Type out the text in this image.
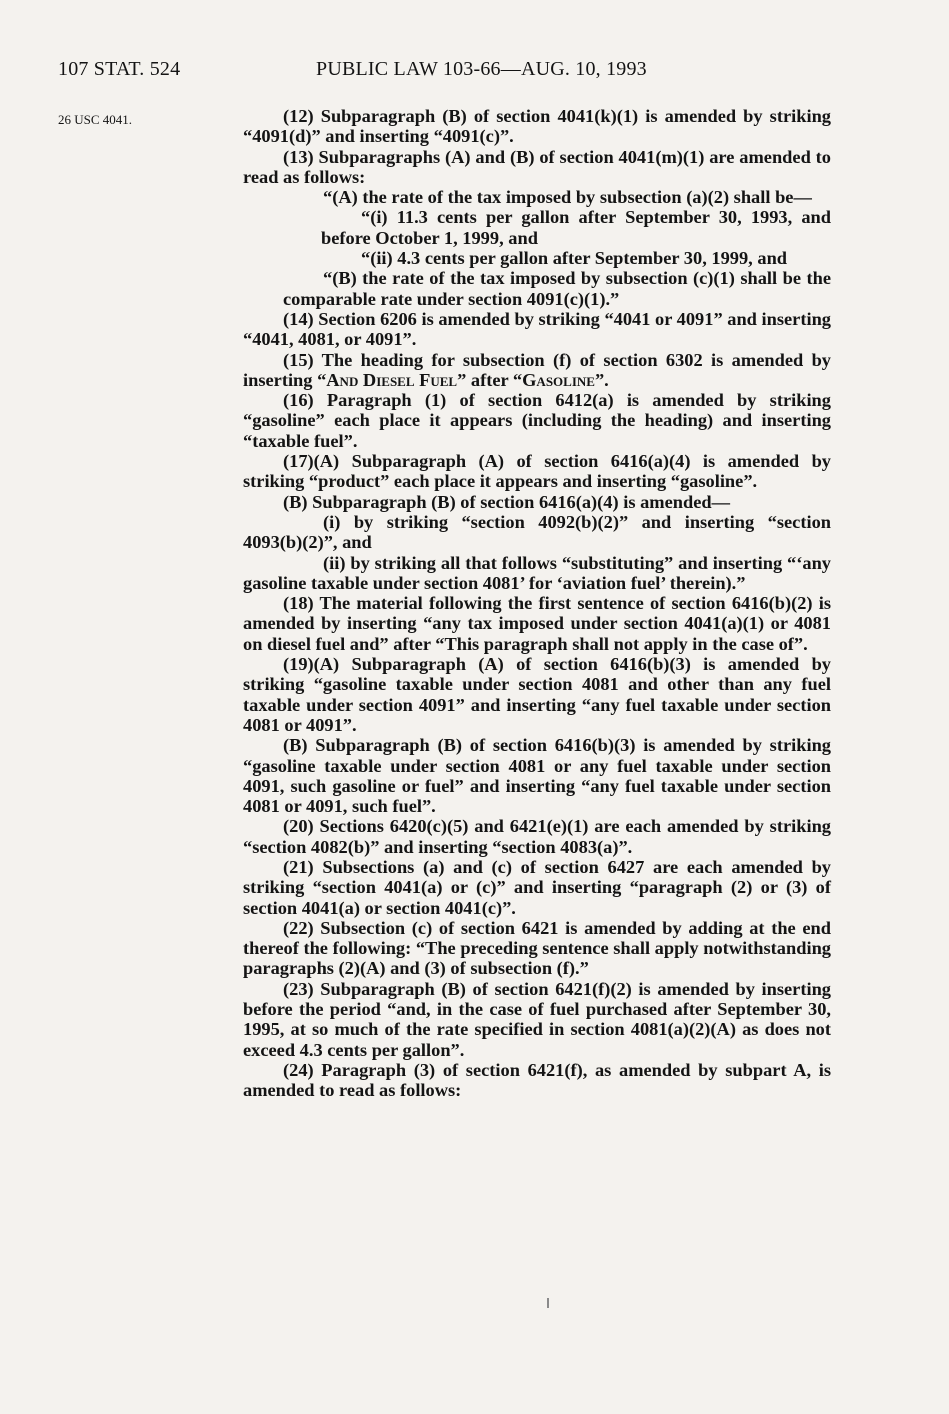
107 STAT. 524	PUBLIC LAW 103-66—AUG. 10, 1993
26 USC 4041.	(12) Subparagraph (B) of section 4041(k)(1) is amended by striking “4091(d)” and inserting “4091(c)”.

(13) Subparagraphs (A) and (B) of section 4041(m)(1) are amended to read as follows:

“(A) the rate of the tax imposed by subsection (a)(2) shall be—

“(i) 11.3 cents per gallon after September 30, 1993, and before October 1, 1999, and

“(ii) 4.3 cents per gallon after September 30, 1999, and

“(B) the rate of the tax imposed by subsection (c)(1) shall be the comparable rate under section 4091(c)(1).”

(14) Section 6206 is amended by striking “4041 or 4091” and inserting “4041, 4081, or 4091”.

(15) The heading for subsection (f) of section 6302 is amended by inserting “And Diesel Fuel” after “Gasoline”.

(16) Paragraph (1) of section 6412(a) is amended by striking “gasoline” each place it appears (including the heading) and inserting “taxable fuel”.

(17)(A) Subparagraph (A) of section 6416(a)(4) is amended by striking “product” each place it appears and inserting “gasoline”.

(B) Subparagraph (B) of section 6416(a)(4) is amended—

(i) by striking “section 4092(b)(2)” and inserting “section 4093(b)(2)”, and

(ii) by striking all that follows “substituting” and inserting “‘any gasoline taxable under section 4081’ for ‘aviation fuel’ therein).”

(18) The material following the first sentence of section 6416(b)(2) is amended by inserting “any tax imposed under section 4041(a)(1) or 4081 on diesel fuel and” after “This paragraph shall not apply in the case of”.

(19)(A) Subparagraph (A) of section 6416(b)(3) is amended by striking “gasoline taxable under section 4081 and other than any fuel taxable under section 4091” and inserting “any fuel taxable under section 4081 or 4091”.

(B) Subparagraph (B) of section 6416(b)(3) is amended by striking “gasoline taxable under section 4081 or any fuel taxable under section 4091, such gasoline or fuel” and inserting “any fuel taxable under section 4081 or 4091, such fuel”.

(20) Sections 6420(c)(5) and 6421(e)(1) are each amended by striking “section 4082(b)” and inserting “section 4083(a)”.

(21) Subsections (a) and (c) of section 6427 are each amended by striking “section 4041(a) or (c)” and inserting “paragraph (2) or (3) of section 4041(a) or section 4041(c)”.

(22) Subsection (c) of section 6421 is amended by adding at the end thereof the following: “The preceding sentence shall apply notwithstanding paragraphs (2)(A) and (3) of subsection (f).”

(23) Subparagraph (B) of section 6421(f)(2) is amended by inserting before the period “and, in the case of fuel purchased after September 30, 1995, at so much of the rate specified in section 4081(a)(2)(A) as does not exceed 4.3 cents per gallon”.

(24) Paragraph (3) of section 6421(f), as amended by subpart A, is amended to read as follows:
